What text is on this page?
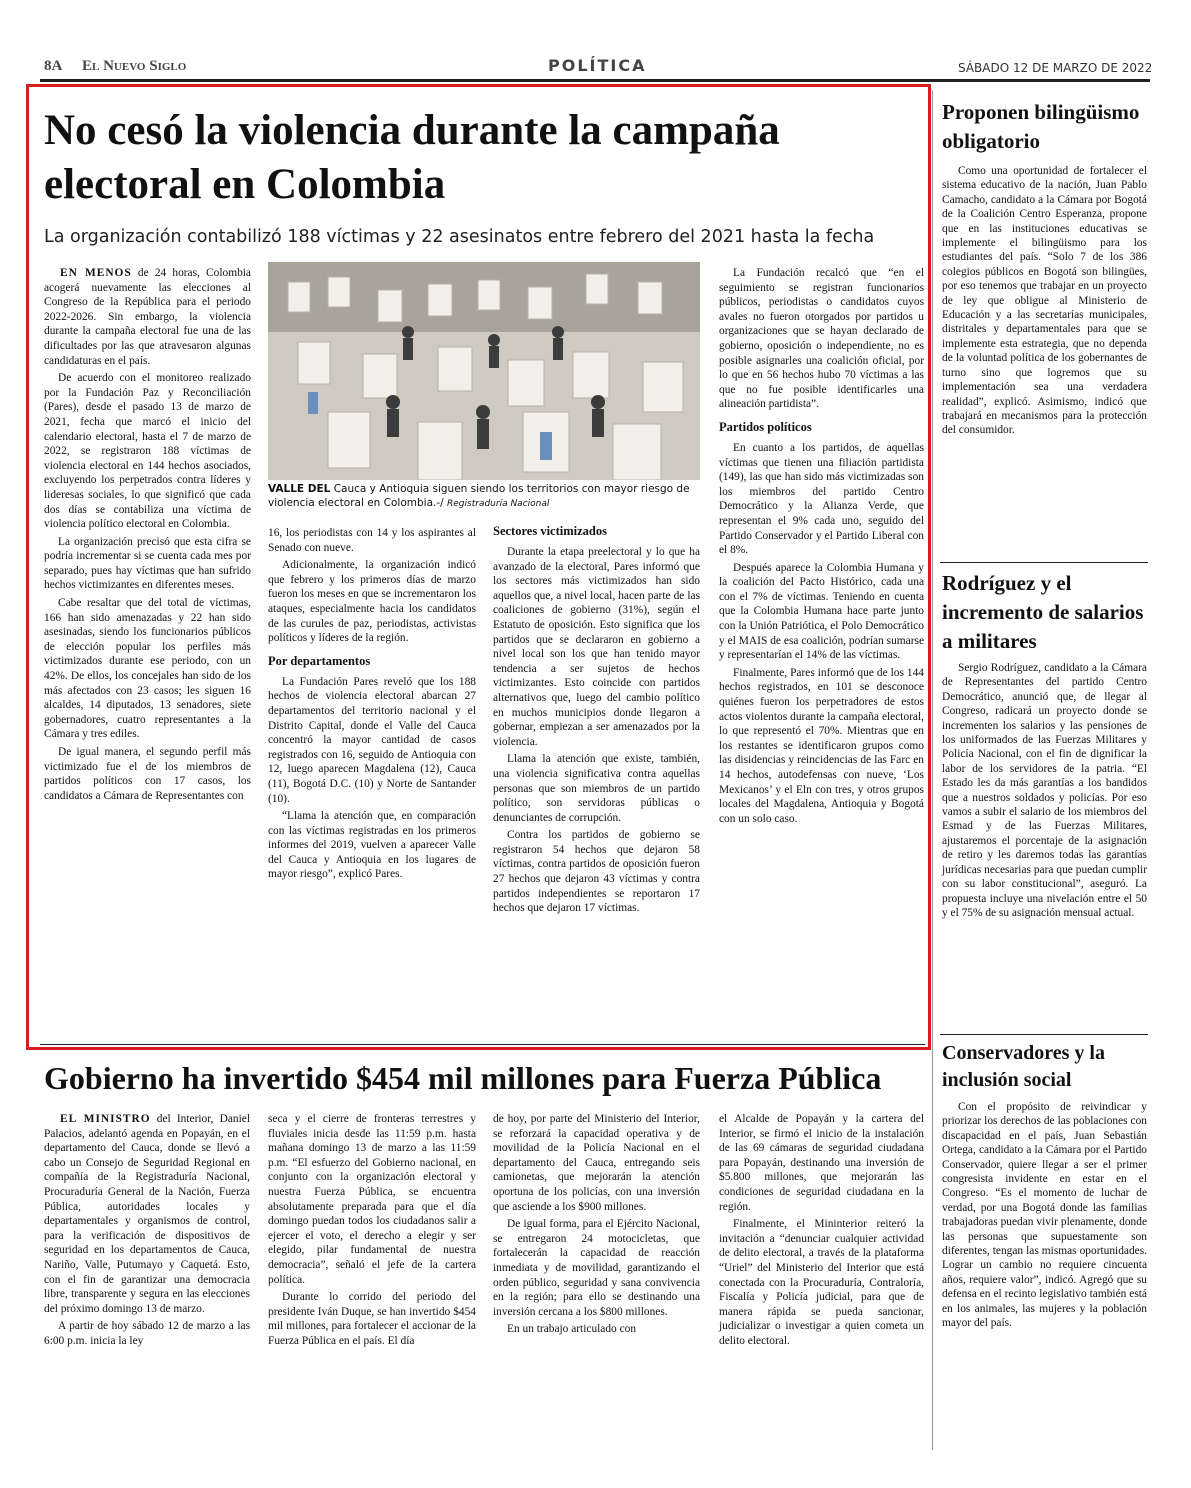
8A El Nuevo Siglo	POLÍTICA	SÁBADO 12 DE MARZO DE 2022
No cesó la violencia durante la campaña electoral en Colombia
La organización contabilizó 188 víctimas y 22 asesinatos entre febrero del 2021 hasta la fecha

EN MENOS de 24 horas, Colombia acogerá nuevamente las elecciones al Congreso de la República para el periodo 2022-2026. Sin embargo, la violencia durante la campaña electoral fue una de las dificultades por las que atravesaron algunas candidaturas en el país.

De acuerdo con el monitoreo realizado por la Fundación Paz y Reconciliación (Pares), desde el pasado 13 de marzo de 2021, fecha que marcó el inicio del calendario electoral, hasta el 7 de marzo de 2022, se registraron 188 víctimas de violencia electoral en 144 hechos asociados, excluyendo los perpetrados contra líderes y lideresas sociales, lo que significó que cada dos días se contabiliza una víctima de violencia político electoral en Colombia.

La organización precisó que esta cifra se podría incrementar si se cuenta cada mes por separado, pues hay víctimas que han sufrido hechos victimizantes en diferentes meses.

Cabe resaltar que del total de víctimas, 166 han sido amenazadas y 22 han sido asesinadas, siendo los funcionarios públicos de elección popular los perfiles más victimizados durante ese periodo, con un 42%. De ellos, los concejales han sido de los más afectados con 23 casos; les siguen 16 alcaldes, 14 diputados, 13 senadores, siete gobernadores, cuatro representantes a la Cámara y tres ediles.

De igual manera, el segundo perfil más victimizado fue el de los miembros de partidos políticos con 17 casos, los candidatos a Cámara de Representantes con

VALLE DEL Cauca y Antioquia siguen siendo los territorios con mayor riesgo de violencia electoral en Colombia.-/ Registraduría Nacional

16, los periodistas con 14 y los aspirantes al Senado con nueve.

Adicionalmente, la organización indicó que febrero y los primeros días de marzo fueron los meses en que se incrementaron los ataques, especialmente hacia los candidatos de las curules de paz, periodistas, activistas políticos y líderes de la región.

Por departamentos

La Fundación Pares reveló que los 188 hechos de violencia electoral abarcan 27 departamentos del territorio nacional y el Distrito Capital, donde el Valle del Cauca concentró la mayor cantidad de casos registrados con 16, seguido de Antioquia con 12, luego aparecen Magdalena (12), Cauca (11), Bogotá D.C. (10) y Norte de Santander (10).

“Llama la atención que, en comparación con las víctimas registradas en los primeros informes del 2019, vuelven a aparecer Valle del Cauca y Antioquia en los lugares de mayor riesgo”, explicó Pares.

Sectores victimizados

Durante la etapa preelectoral y lo que ha avanzado de la electoral, Pares informó que los sectores más victimizados han sido aquellos que, a nivel local, hacen parte de las coaliciones de gobierno (31%), según el Estatuto de oposición. Esto significa que los partidos que se declararon en gobierno a nivel local son los que han tenido mayor tendencia a ser sujetos de hechos victimizantes. Esto coincide con partidos alternativos que, luego del cambio político en muchos municipios donde llegaron a gobernar, empiezan a ser amenazados por la violencia.

Llama la atención que existe, también, una violencia significativa contra aquellas personas que son miembros de un partido político, son servidoras públicas o denunciantes de corrupción.

Contra los partidos de gobierno se registraron 54 hechos que dejaron 58 víctimas, contra partidos de oposición fueron 27 hechos que dejaron 43 víctimas y contra partidos independientes se reportaron 17 hechos que dejaron 17 víctimas.

La Fundación recalcó que “en el seguimiento se registran funcionarios públicos, periodistas o candidatos cuyos avales no fueron otorgados por partidos u organizaciones que se hayan declarado de gobierno, oposición o independiente, no es posible asignarles una coalición oficial, por lo que en 56 hechos hubo 70 víctimas a las que no fue posible identificarles una alineación partidista”.

Partidos políticos

En cuanto a los partidos, de aquellas víctimas que tienen una filiación partidista (149), las que han sido más victimizadas son los miembros del partido Centro Democrático y la Alianza Verde, que representan el 9% cada uno, seguido del Partido Conservador y el Partido Liberal con el 8%.

Después aparece la Colombia Humana y la coalición del Pacto Histórico, cada una con el 7% de víctimas. Teniendo en cuenta que la Colombia Humana hace parte junto con la Unión Patriótica, el Polo Democrático y el MAIS de esa coalición, podrían sumarse y representarían el 14% de las víctimas.

Finalmente, Pares informó que de los 144 hechos registrados, en 101 se desconoce quiénes fueron los perpetradores de estos actos violentos durante la campaña electoral, lo que representó el 70%. Mientras que en los restantes se identificaron grupos como las disidencias y reincidencias de las Farc en 14 hechos, autodefensas con nueve, ‘Los Mexicanos’ y el Eln con tres, y otros grupos locales del Magdalena, Antioquia y Bogotá con un solo caso.

Gobierno ha invertido $454 mil millones para Fuerza Pública

EL MINISTRO del Interior, Daniel Palacios, adelantó agenda en Popayán, en el departamento del Cauca, donde se llevó a cabo un Consejo de Seguridad Regional en compañía de la Registraduría Nacional, Procuraduría General de la Nación, Fuerza Pública, autoridades locales y departamentales y organismos de control, para la verificación de dispositivos de seguridad en los departamentos de Cauca, Nariño, Valle, Putumayo y Caquetá. Esto, con el fin de garantizar una democracia libre, transparente y segura en las elecciones del próximo domingo 13 de marzo.

A partir de hoy sábado 12 de marzo a las 6:00 p.m. inicia la ley

seca y el cierre de fronteras terrestres y fluviales inicia desde las 11:59 p.m. hasta mañana domingo 13 de marzo a las 11:59 p.m. “El esfuerzo del Gobierno nacional, en conjunto con la organización electoral y nuestra Fuerza Pública, se encuentra absolutamente preparada para que el día domingo puedan todos los ciudadanos salir a ejercer el voto, el derecho a elegir y ser elegido, pilar fundamental de nuestra democracia”, señaló el jefe de la cartera política.

Durante lo corrido del periodo del presidente Iván Duque, se han invertido $454 mil millones, para fortalecer el accionar de la Fuerza Pública en el país. El día

de hoy, por parte del Ministerio del Interior, se reforzará la capacidad operativa y de movilidad de la Policía Nacional en el departamento del Cauca, entregando seis camionetas, que mejorarán la atención oportuna de los policías, con una inversión que asciende a los $900 millones.

De igual forma, para el Ejército Nacional, se entregaron 24 motocicletas, que fortalecerán la capacidad de reacción inmediata y de movilidad, garantizando el orden público, seguridad y sana convivencia en la región; para ello se destinando una inversión cercana a los $800 millones.

En un trabajo articulado con

el Alcalde de Popayán y la cartera del Interior, se firmó el inicio de la instalación de las 69 cámaras de seguridad ciudadana para Popayán, destinando una inversión de $5.800 millones, que mejorarán las condiciones de seguridad ciudadana en la región.

Finalmente, el Mininterior reiteró la invitación a “denunciar cualquier actividad de delito electoral, a través de la plataforma “Uriel” del Ministerio del Interior que está conectada con la Procuraduría, Contraloría, Fiscalía y Policía judicial, para que de manera rápida se pueda sancionar, judicializar o investigar a quien cometa un delito electoral.

Proponen bilingüismo obligatorio

Como una oportunidad de fortalecer el sistema educativo de la nación, Juan Pablo Camacho, candidato a la Cámara por Bogotá de la Coalición Centro Esperanza, propone que en las instituciones educativas se implemente el bilingüismo para los estudiantes del país. “Solo 7 de los 386 colegios públicos en Bogotá son bilingües, por eso tenemos que trabajar en un proyecto de ley que obligue al Ministerio de Educación y a las secretarías municipales, distritales y departamentales para que se implemente esta estrategia, que no dependa de la voluntad política de los gobernantes de turno sino que logremos que su implementación sea una verdadera realidad”, explicó. Asimismo, indicó que trabajará en mecanismos para la protección del consumidor.

Rodríguez y el incremento de salarios a militares

Sergio Rodríguez, candidato a la Cámara de Representantes del partido Centro Democrático, anunció que, de llegar al Congreso, radicará un proyecto donde se incrementen los salarios y las pensiones de los uniformados de las Fuerzas Militares y Policía Nacional, con el fin de dignificar la labor de los servidores de la patria. “El Estado les da más garantías a los bandidos que a nuestros soldados y policías. Por eso vamos a subir el salario de los miembros del Esmad y de las Fuerzas Militares, ajustaremos el porcentaje de la asignación de retiro y les daremos todas las garantías jurídicas necesarias para que puedan cumplir con su labor constitucional”, aseguró. La propuesta incluye una nivelación entre el 50 y el 75% de su asignación mensual actual.

Conservadores y la inclusión social

Con el propósito de reivindicar y priorizar los derechos de las poblaciones con discapacidad en el país, Juan Sebastián Ortega, candidato a la Cámara por el Partido Conservador, quiere llegar a ser el primer congresista invidente en estar en el Congreso. “Es el momento de luchar de verdad, por una Bogotá donde las familias trabajadoras puedan vivir plenamente, donde las personas que supuestamente son diferentes, tengan las mismas oportunidades. Lograr un cambio no requiere cincuenta años, requiere valor”, indicó. Agregó que su defensa en el recinto legislativo también está en los animales, las mujeres y la población mayor del país.
